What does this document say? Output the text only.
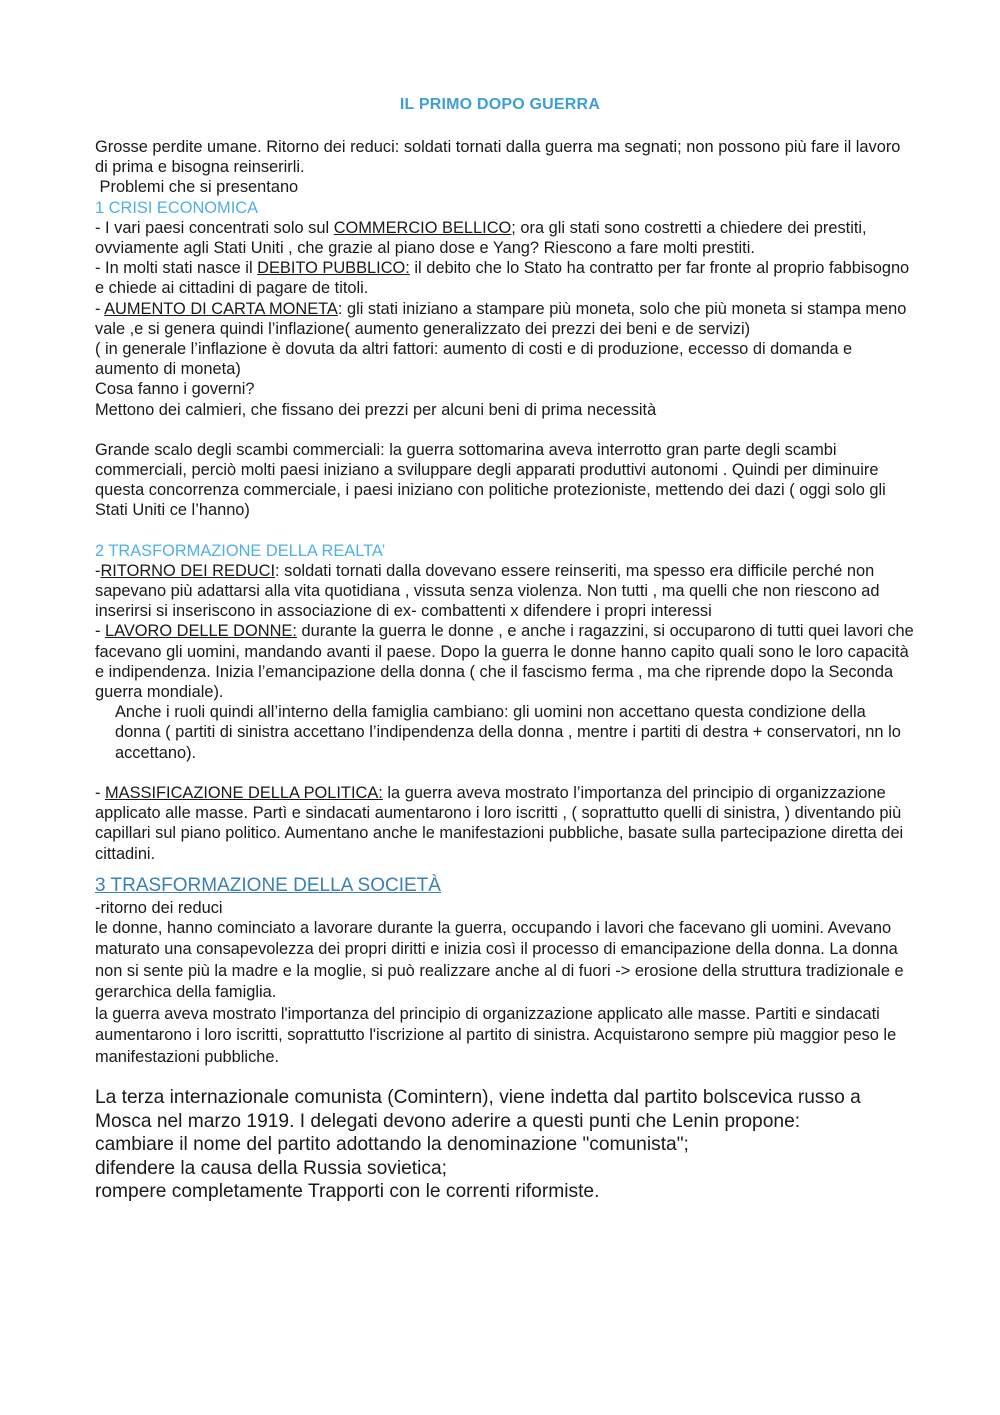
IL PRIMO DOPO GUERRA

Grosse perdite umane. Ritorno dei reduci: soldati tornati dalla guerra ma segnati; non possono più fare il lavoro di prima e bisogna reinserirli.

Problemi che si presentano

1 CRISI ECONOMICA

- I vari paesi concentrati solo sul COMMERCIO BELLICO; ora gli stati sono costretti a chiedere dei prestiti, ovviamente agli Stati Uniti , che grazie al piano dose e Yang? Riescono a fare molti prestiti.

- In molti stati nasce il DEBITO PUBBLICO: il debito che lo Stato ha contratto per far fronte al proprio fabbisogno e chiede ai cittadini di pagare de titoli.

- AUMENTO DI CARTA MONETA: gli stati iniziano a stampare più moneta, solo che più moneta si stampa meno vale ,e si genera quindi l’inflazione( aumento generalizzato dei prezzi dei beni e de servizi)

( in generale l’inflazione è dovuta da altri fattori: aumento di costi e di produzione, eccesso di domanda e aumento di moneta)

Cosa fanno i governi?

Mettono dei calmieri, che fissano dei prezzi per alcuni beni di prima necessità

Grande scalo degli scambi commerciali: la guerra sottomarina aveva interrotto gran parte degli scambi commerciali, perciò molti paesi iniziano a sviluppare degli apparati produttivi autonomi . Quindi per diminuire questa concorrenza commerciale, i paesi iniziano con politiche protezioniste, mettendo dei dazi ( oggi solo gli Stati Uniti ce l’hanno)

2 TRASFORMAZIONE DELLA REALTA’

-RITORNO DEI REDUCI: soldati tornati dalla dovevano essere reinseriti, ma spesso era difficile perché non sapevano più adattarsi alla vita quotidiana , vissuta senza violenza. Non tutti , ma quelli che non riescono ad inserirsi si inseriscono in associazione di ex- combattenti x difendere i propri interessi

- LAVORO DELLE DONNE: durante la guerra le donne , e anche i ragazzini, si occuparono di tutti quei lavori che facevano gli uomini, mandando avanti il paese. Dopo la guerra le donne hanno capito quali sono le loro capacità e indipendenza. Inizia l’emancipazione della donna ( che il fascismo ferma , ma che riprende dopo la Seconda guerra mondiale).

Anche i ruoli quindi all’interno della famiglia cambiano: gli uomini non accettano questa condizione della donna ( partiti di sinistra accettano l’indipendenza della donna , mentre i partiti di destra + conservatori, nn lo accettano).

- MASSIFICAZIONE DELLA POLITICA: la guerra aveva mostrato l’importanza del principio di organizzazione applicato alle masse. Partì e sindacati aumentarono i loro iscritti , ( soprattutto quelli di sinistra, ) diventando più capillari sul piano politico. Aumentano anche le manifestazioni pubbliche, basate sulla partecipazione diretta dei cittadini.

3 TRASFORMAZIONE DELLA SOCIETÀ

-ritorno dei reduci

le donne, hanno cominciato a lavorare durante la guerra, occupando i lavori che facevano gli uomini. Avevano maturato una consapevolezza dei propri diritti e inizia così il processo di emancipazione della donna. La donna non si sente più la madre e la moglie, si può realizzare anche al di fuori -> erosione della struttura tradizionale e gerarchica della famiglia.

la guerra aveva mostrato l'importanza del principio di organizzazione applicato alle masse. Partiti e sindacati aumentarono i loro iscritti, soprattutto l'iscrizione al partito di sinistra. Acquistarono sempre più maggior peso le manifestazioni pubbliche.

La terza internazionale comunista (Comintern), viene indetta dal partito bolscevica russo a Mosca nel marzo 1919. I delegati devono aderire a questi punti che Lenin propone:

cambiare il nome del partito adottando la denominazione "comunista";

difendere la causa della Russia sovietica;

rompere completamente Trapporti con le correnti riformiste.
